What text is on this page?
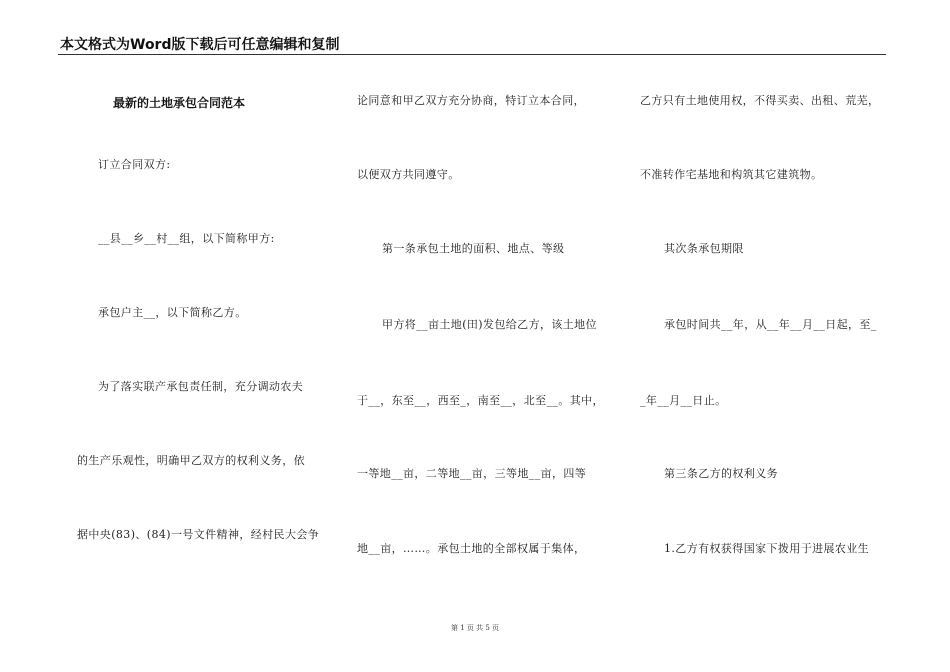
本文格式为Word版下载后可任意编辑和复制
最新的土地承包合同范本
订立合同双方:
__县__乡__村__组，以下简称甲方:
承包户主__，以下简称乙方。
为了落实联产承包责任制，充分调动农夫
的生产乐观性，明确甲乙双方的权利义务，依
据中央(83)、(84)一号文件精神，经村民大会争
论同意和甲乙双方充分协商，特订立本合同，
以便双方共同遵守。
第一条承包土地的面积、地点、等级
甲方将__亩土地(田)发包给乙方，该土地位
于__，东至__，西至_，南至__，北至__。其中，
一等地__亩，二等地__亩，三等地__亩，四等
地__亩，……。承包土地的全部权属于集体，
乙方只有土地使用权，不得买卖、出租、荒芜，
不准转作宅基地和构筑其它建筑物。
其次条承包期限
承包时间共__年，从__年__月__日起，至_
_年__月__日止。
第三条乙方的权利义务
1.乙方有权获得国家下拨用于进展农业生
第 1 页 共 5 页
